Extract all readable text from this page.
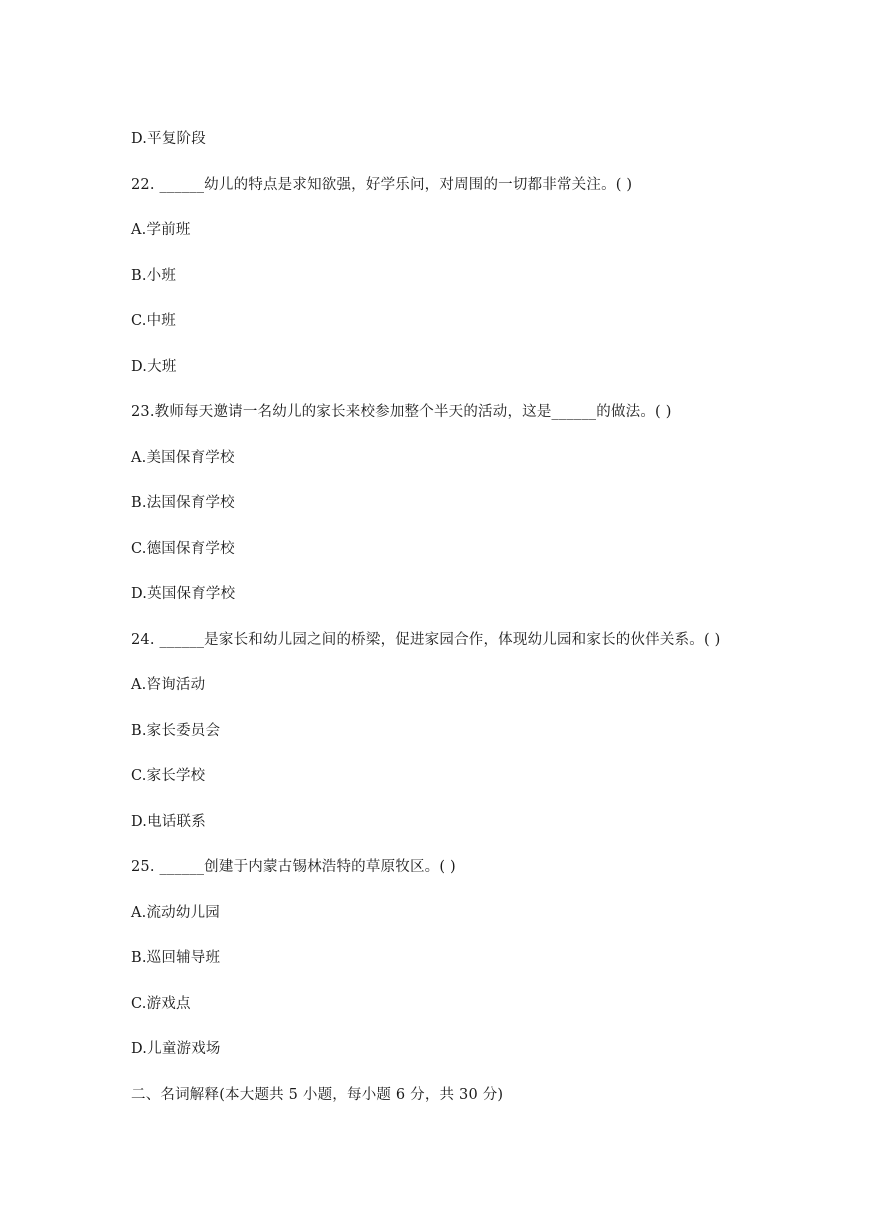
D.平复阶段
22. ______幼儿的特点是求知欲强，好学乐问，对周围的一切都非常关注。( )
A.学前班
B.小班
C.中班
D.大班
23.教师每天邀请一名幼儿的家长来校参加整个半天的活动，这是______的做法。( )
A.美国保育学校
B.法国保育学校
C.德国保育学校
D.英国保育学校
24. ______是家长和幼儿园之间的桥梁，促进家园合作，体现幼儿园和家长的伙伴关系。( )
A.咨询活动
B.家长委员会
C.家长学校
D.电话联系
25. ______创建于内蒙古锡林浩特的草原牧区。( )
A.流动幼儿园
B.巡回辅导班
C.游戏点
D.儿童游戏场
二、名词解释(本大题共 5 小题，每小题 6 分，共 30 分)
